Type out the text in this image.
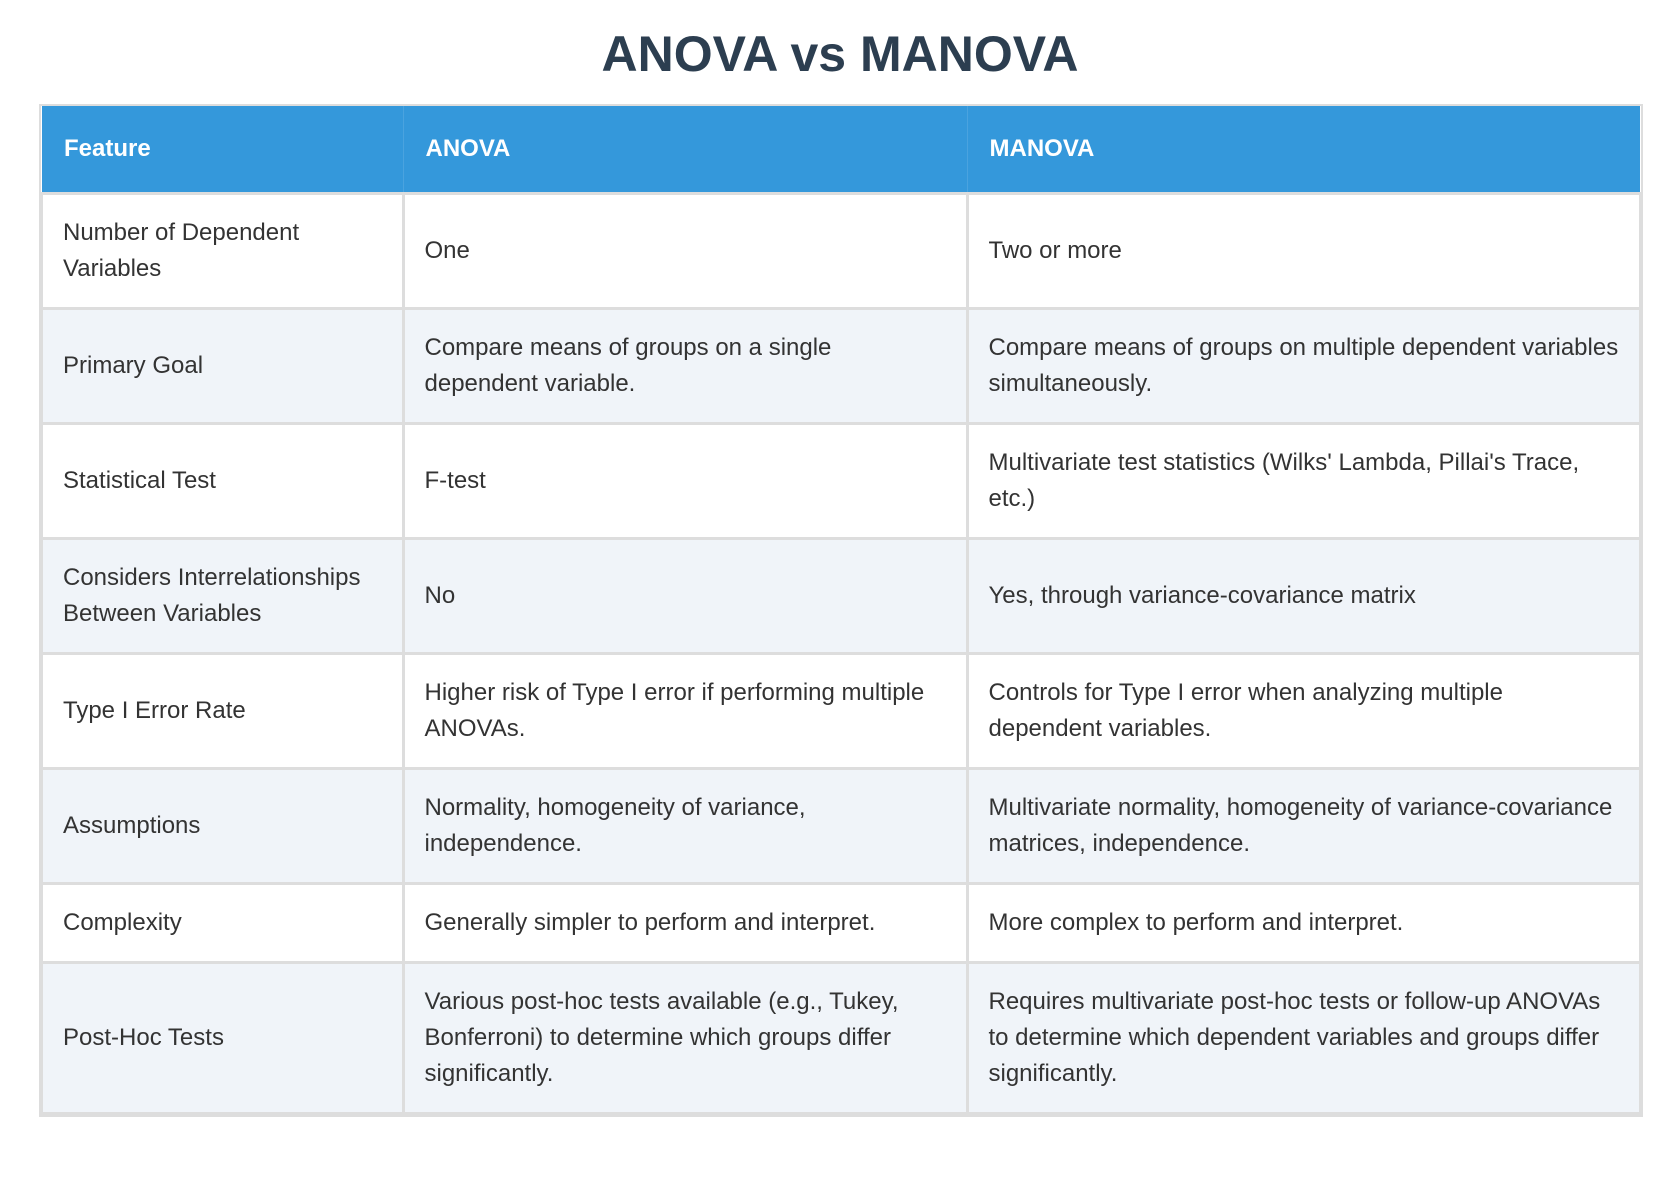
ANOVA vs MANOVA
Feature	ANOVA	MANOVA
Number of Dependent Variables	One	Two or more
Primary Goal	Compare means of groups on a single dependent variable.	Compare means of groups on multiple dependent variables simultaneously.
Statistical Test	F-test	Multivariate test statistics (Wilks' Lambda, Pillai's Trace, etc.)
Considers Interrelationships Between Variables	No	Yes, through variance-covariance matrix
Type I Error Rate	Higher risk of Type I error if performing multiple ANOVAs.	Controls for Type I error when analyzing multiple dependent variables.
Assumptions	Normality, homogeneity of variance, independence.	Multivariate normality, homogeneity of variance-covariance matrices, independence.
Complexity	Generally simpler to perform and interpret.	More complex to perform and interpret.
Post-Hoc Tests	Various post-hoc tests available (e.g., Tukey, Bonferroni) to determine which groups differ significantly.	Requires multivariate post-hoc tests or follow-up ANOVAs to determine which dependent variables and groups differ significantly.
